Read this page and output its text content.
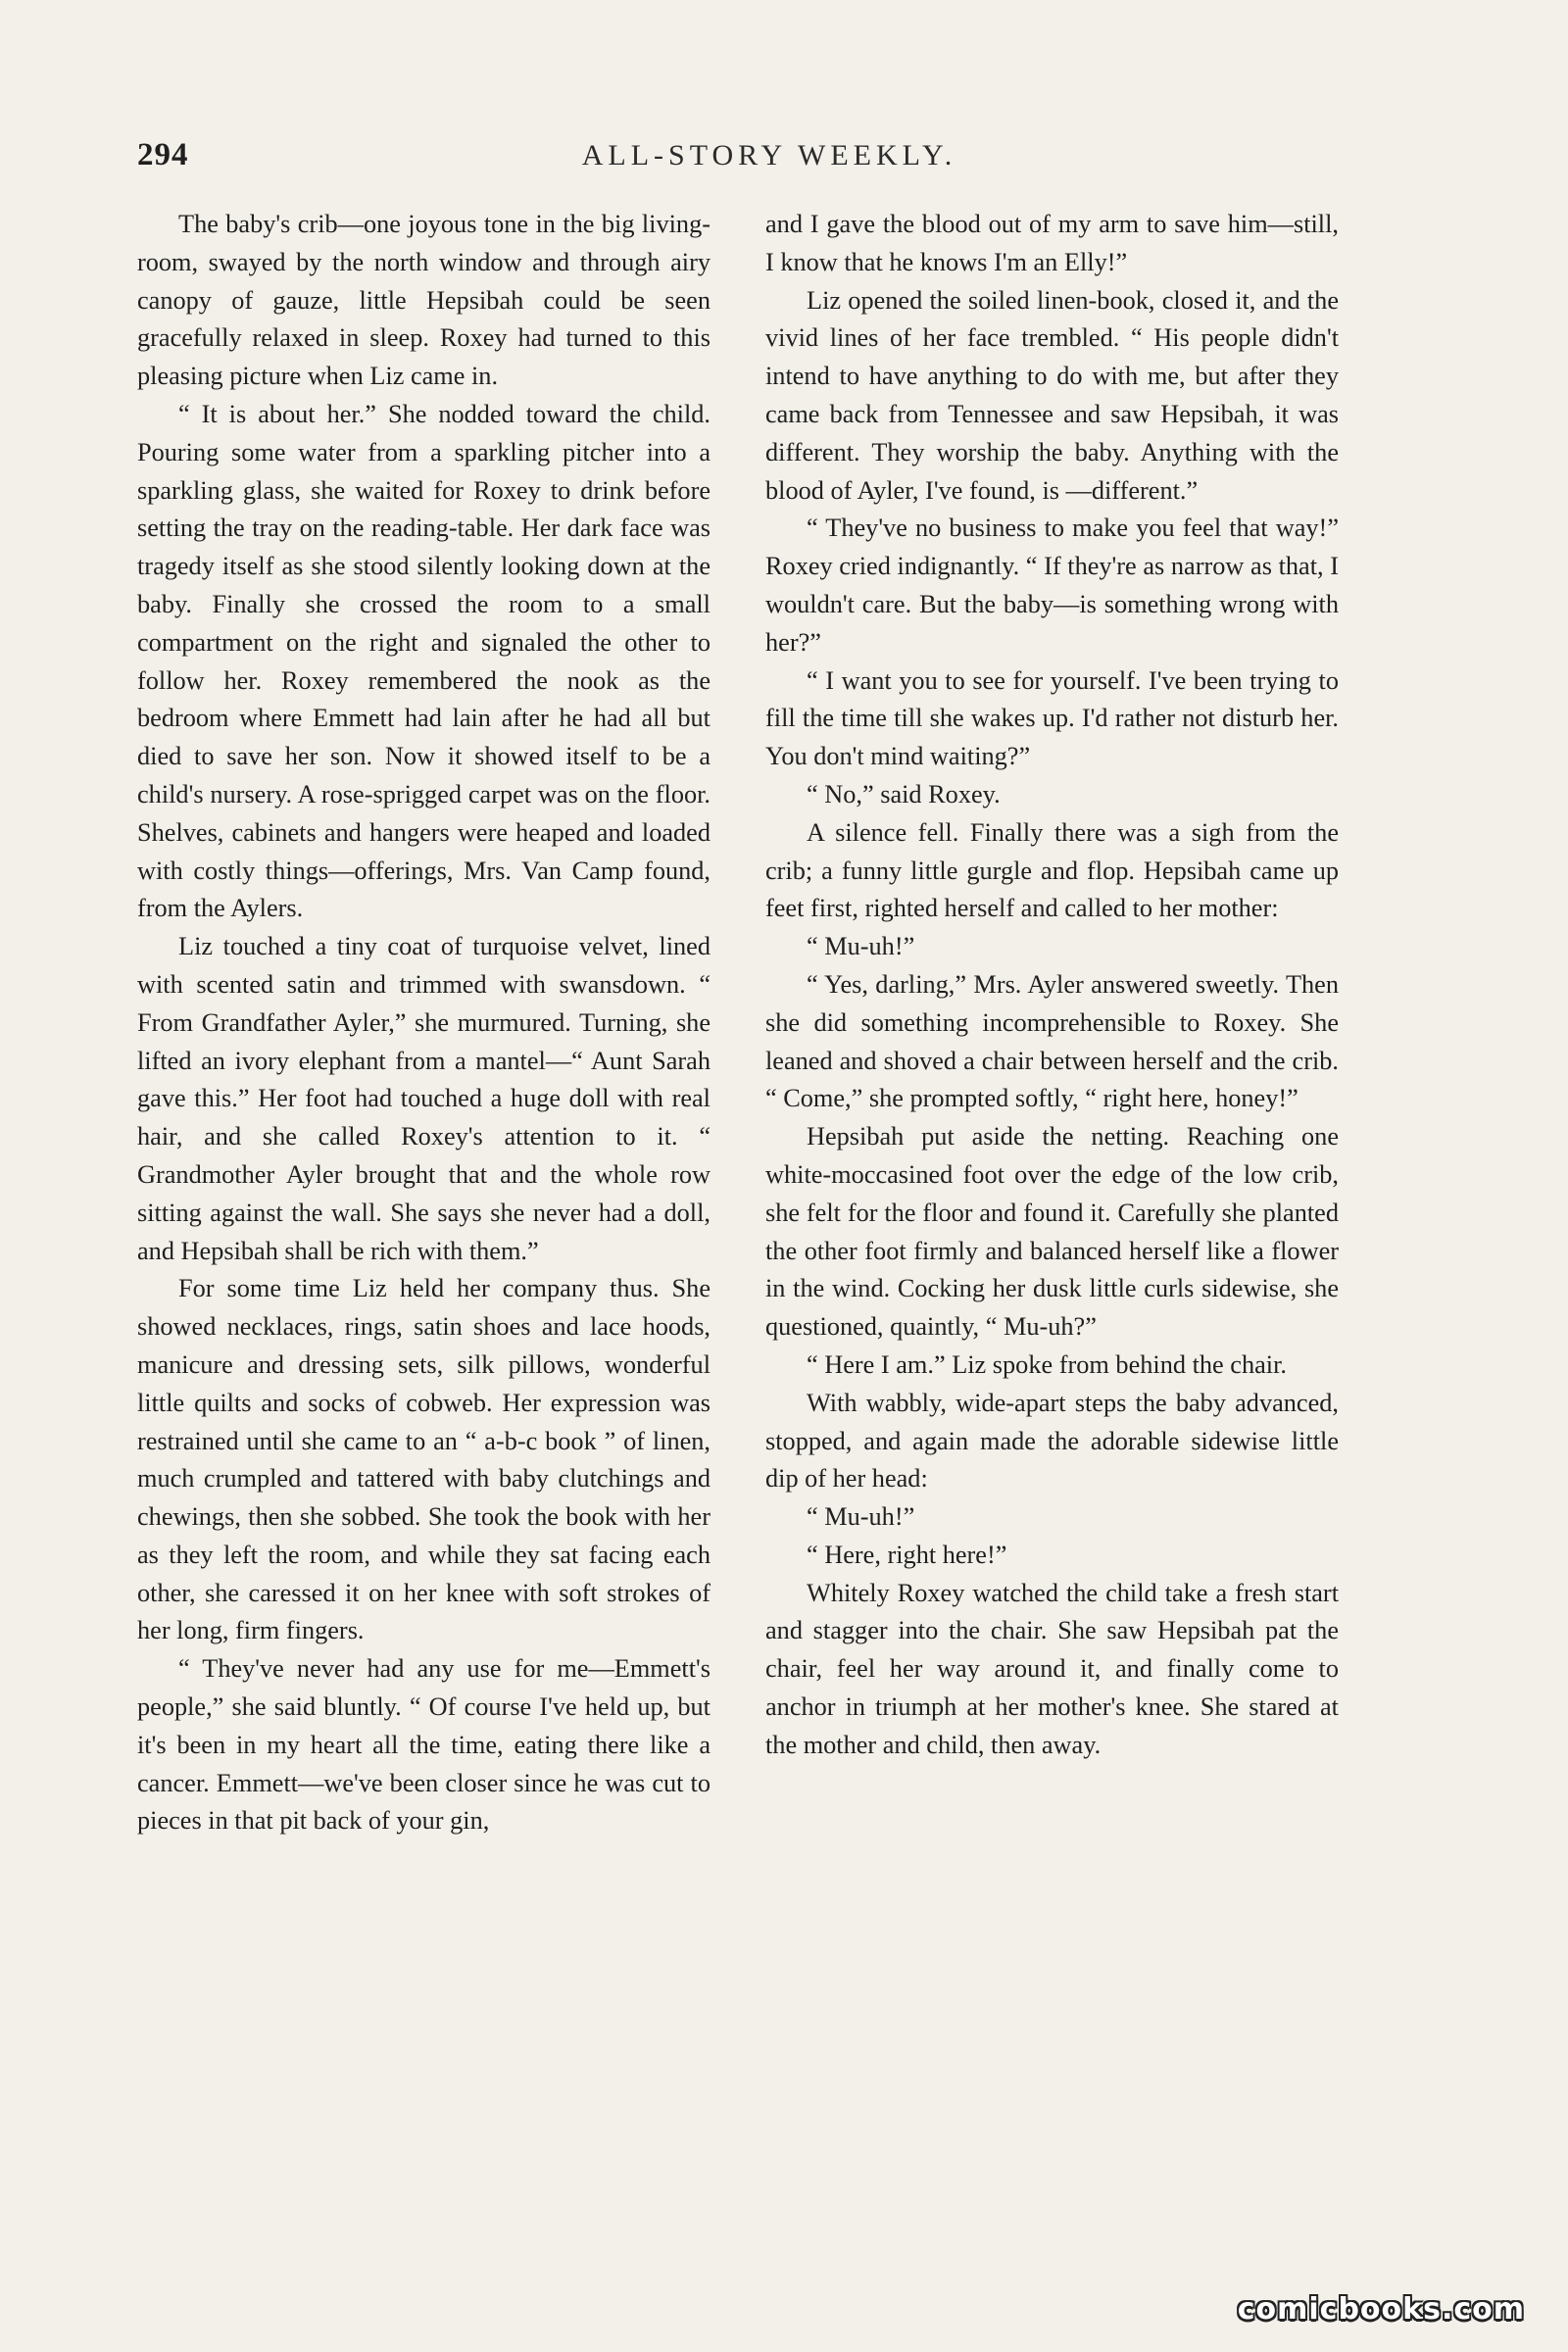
294	ALL-STORY WEEKLY.

The baby's crib—one joyous tone in the big living-room, swayed by the north window and through airy canopy of gauze, little Hepsibah could be seen gracefully relaxed in sleep. Roxey had turned to this pleasing picture when Liz came in.

“ It is about her.” She nodded toward the child. Pouring some water from a sparkling pitcher into a sparkling glass, she waited for Roxey to drink before setting the tray on the reading-table. Her dark face was tragedy itself as she stood silently looking down at the baby. Finally she crossed the room to a small compartment on the right and signaled the other to follow her. Roxey remembered the nook as the bedroom where Emmett had lain after he had all but died to save her son. Now it showed itself to be a child's nursery. A rose-sprigged carpet was on the floor. Shelves, cabinets and hangers were heaped and loaded with costly things—offerings, Mrs. Van Camp found, from the Aylers.

Liz touched a tiny coat of turquoise velvet, lined with scented satin and trimmed with swansdown. “ From Grandfather Ayler,” she murmured. Turning, she lifted an ivory elephant from a mantel—“ Aunt Sarah gave this.” Her foot had touched a huge doll with real hair, and she called Roxey's attention to it. “ Grandmother Ayler brought that and the whole row sitting against the wall. She says she never had a doll, and Hepsibah shall be rich with them.”

For some time Liz held her company thus. She showed necklaces, rings, satin shoes and lace hoods, manicure and dressing sets, silk pillows, wonderful little quilts and socks of cobweb. Her expression was restrained until she came to an “ a-b-c book ” of linen, much crumpled and tattered with baby clutchings and chewings, then she sobbed. She took the book with her as they left the room, and while they sat facing each other, she caressed it on her knee with soft strokes of her long, firm fingers.

“ They've never had any use for me—Emmett's people,” she said bluntly. “ Of course I've held up, but it's been in my heart all the time, eating there like a cancer. Emmett—we've been closer since he was cut to pieces in that pit back of your gin,

and I gave the blood out of my arm to save him—still, I know that he knows I'm an Elly!”

Liz opened the soiled linen-book, closed it, and the vivid lines of her face trembled. “ His people didn't intend to have anything to do with me, but after they came back from Tennessee and saw Hepsibah, it was different. They worship the baby. Anything with the blood of Ayler, I've found, is —different.”

“ They've no business to make you feel that way!” Roxey cried indignantly. “ If they're as narrow as that, I wouldn't care. But the baby—is something wrong with her?”

“ I want you to see for yourself. I've been trying to fill the time till she wakes up. I'd rather not disturb her. You don't mind waiting?”

“ No,” said Roxey.

A silence fell. Finally there was a sigh from the crib; a funny little gurgle and flop. Hepsibah came up feet first, righted herself and called to her mother:

“ Mu-uh!”

“ Yes, darling,” Mrs. Ayler answered sweetly. Then she did something incomprehensible to Roxey. She leaned and shoved a chair between herself and the crib. “ Come,” she prompted softly, “ right here, honey!”

Hepsibah put aside the netting. Reaching one white-moccasined foot over the edge of the low crib, she felt for the floor and found it. Carefully she planted the other foot firmly and balanced herself like a flower in the wind. Cocking her dusk little curls sidewise, she questioned, quaintly, “ Mu-uh?”

“ Here I am.” Liz spoke from behind the chair.

With wabbly, wide-apart steps the baby advanced, stopped, and again made the adorable sidewise little dip of her head:

“ Mu-uh!”

“ Here, right here!”

Whitely Roxey watched the child take a fresh start and stagger into the chair. She saw Hepsibah pat the chair, feel her way around it, and finally come to anchor in triumph at her mother's knee. She stared at the mother and child, then away.

comicbooks.com
